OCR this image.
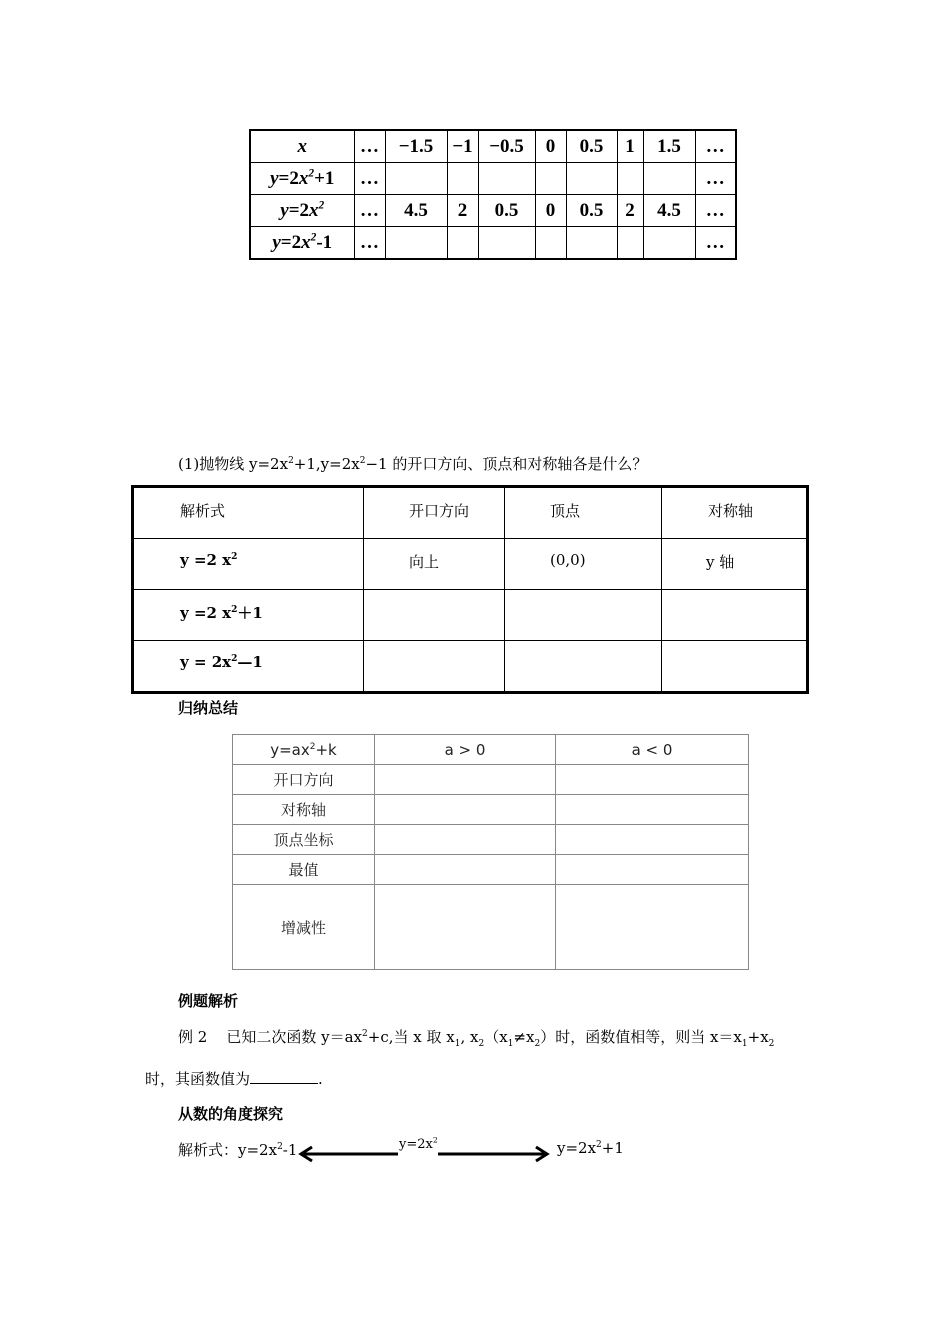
x	…	−1.5	−1	−0.5	0	0.5	1	1.5	…
$y=2x^2+1$	…								…
$y=2x^2$	…	4.5	2	0.5	0	0.5	2	4.5	…
$y=2x^2-1$	…								…
(1)抛物线 $y=2x^2+1,y=2x^2-1$ 的开口方向、顶点和对称轴各是什么？
解析式	开口方向	顶点	对称轴

y =2 $x^2$	向上	(0,0)	y 轴

y =2 $x^2+1$			

$y = 2x^2—1$			

归纳总结
$y=ax^2+k$	a > 0	a < 0
开口方向		
对称轴		
顶点坐标		
最值		
增减性		
例题解析
例 2 已知二次函数 $y=ax^2+c$,当 x 取 $x_1$, $x_2(x_1\ne x_2)$时，函数值相等，则当 $x=x_1+x_2$
时，其函数值为	.
从数的角度探究
解析式：$y=2x^2-1$	$y=2x^2$	$y=2x^2+1$
